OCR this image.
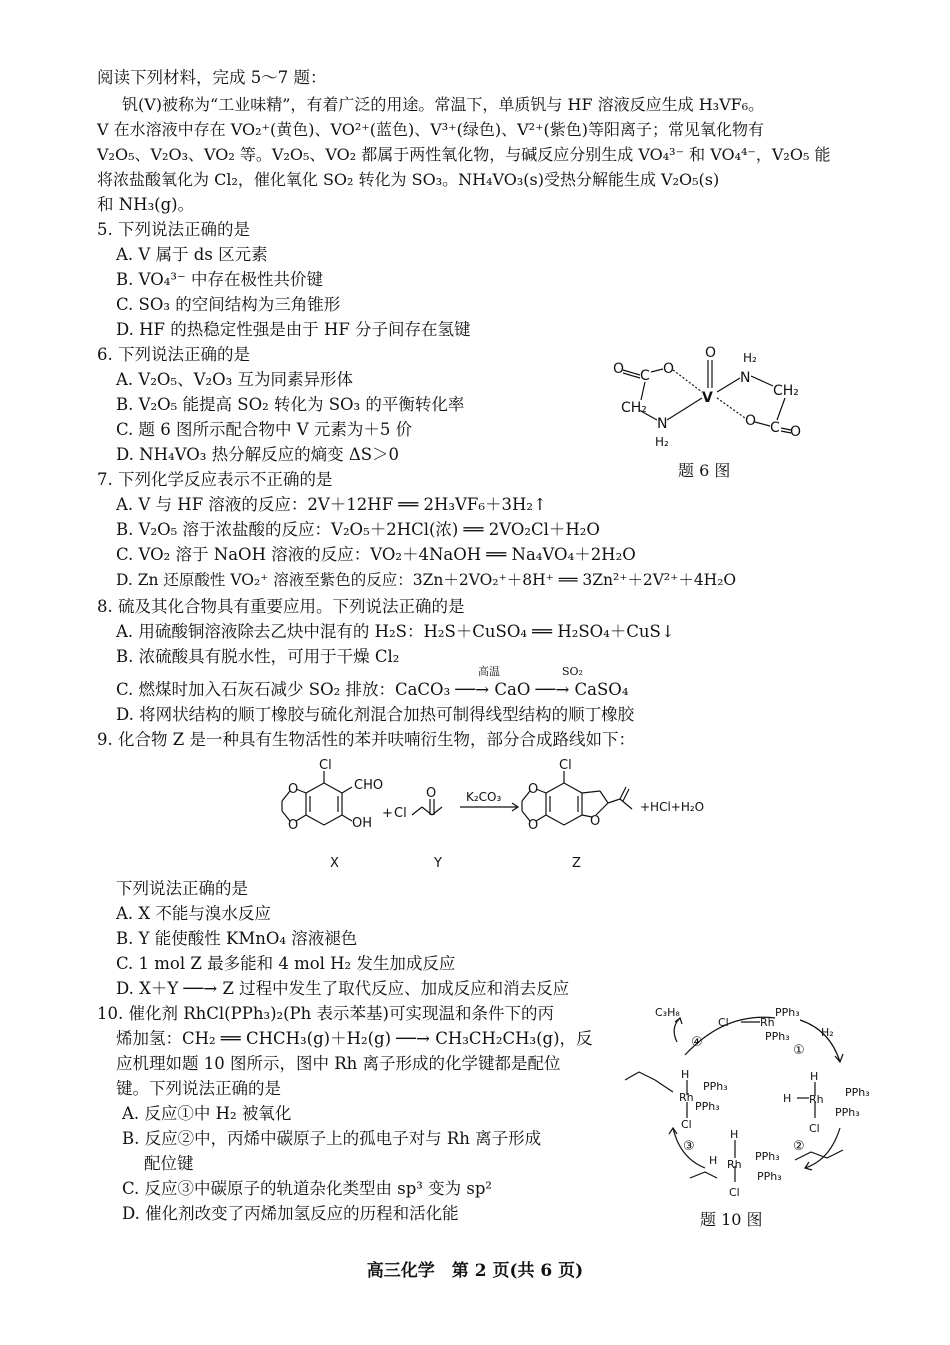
阅读下列材料，完成 5～7 题：
钒(V)被称为“工业味精”，有着广泛的用途。常温下，单质钒与 HF 溶液反应生成 H₃VF₆。
V 在水溶液中存在 VO₂⁺(黄色)、VO²⁺(蓝色)、V³⁺(绿色)、V²⁺(紫色)等阳离子；常见氧化物有
V₂O₅、V₂O₃、VO₂ 等。V₂O₅、VO₂ 都属于两性氧化物，与碱反应分别生成 VO₄³⁻ 和 VO₄⁴⁻，V₂O₅ 能
将浓盐酸氧化为 Cl₂，催化氧化 SO₂ 转化为 SO₃。NH₄VO₃(s)受热分解能生成 V₂O₅(s)
和 NH₃(g)。
5. 下列说法正确的是
A. V 属于 ds 区元素
B. VO₄³⁻ 中存在极性共价键
C. SO₃ 的空间结构为三角锥形
D. HF 的热稳定性强是由于 HF 分子间存在氢键
6. 下列说法正确的是
A. V₂O₅、V₂O₃ 互为同素异形体
B. V₂O₅ 能提高 SO₂ 转化为 SO₃ 的平衡转化率
C. 题 6 图所示配合物中 V 元素为＋5 价
D. NH₄VO₃ 热分解反应的熵变 ΔS＞0
O C O
O
V
N
H₂
CH₂
CH₂
N
H₂
O C O
题 6 图
7. 下列化学反应表示不正确的是
A. V 与 HF 溶液的反应：2V＋12HF ══ 2H₃VF₆＋3H₂↑
B. V₂O₅ 溶于浓盐酸的反应：V₂O₅＋2HCl(浓) ══ 2VO₂Cl＋H₂O
C. VO₂ 溶于 NaOH 溶液的反应：VO₂＋4NaOH ══ Na₄VO₄＋2H₂O
D. Zn 还原酸性 VO₂⁺ 溶液至紫色的反应：3Zn＋2VO₂⁺＋8H⁺ ══ 3Zn²⁺＋2V²⁺＋4H₂O
8. 硫及其化合物具有重要应用。下列说法正确的是
A. 用硫酸铜溶液除去乙炔中混有的 H₂S：H₂S＋CuSO₄ ══ H₂SO₄＋CuS↓
B. 浓硫酸具有脱水性，可用于干燥 Cl₂
C. 燃煤时加入石灰石减少 SO₂ 排放：CaCO₃ ──→ CaO ──→ CaSO₄
高温	SO₂
D. 将网状结构的顺丁橡胶与硫化剂混合加热可制得线型结构的顺丁橡胶
9. 化合物 Z 是一种具有生物活性的苯并呋喃衍生物，部分合成路线如下：
Cl
CHO
OH
O
O
+ Cl
O K₂CO₃
Cl
O
O
O
+HCl+H₂O
X	Y	Z
下列说法正确的是
A. X 不能与溴水反应
B. Y 能使酸性 KMnO₄ 溶液褪色
C. 1 mol Z 最多能和 4 mol H₂ 发生加成反应
D. X＋Y ──→ Z 过程中发生了取代反应、加成反应和消去反应
10. 催化剂 RhCl(PPh₃)₂(Ph 表示苯基)可实现温和条件下的丙
烯加氢：CH₂ ══ CHCH₃(g)＋H₂(g) ──→ CH₃CH₂CH₃(g)，反
应机理如题 10 图所示，图中 Rh 离子形成的化学键都是配位
键。下列说法正确的是
A. 反应①中 H₂ 被氧化
B. 反应②中，丙烯中碳原子上的孤电子对与 Rh 离子形成
配位键
C. 反应③中碳原子的轨道杂化类型由 sp³ 变为 sp²
D. 催化剂改变了丙烯加氢反应的历程和活化能
C₃H₈
Cl	Rh
PPh₃
PPh₃	H₂
④
①
②
③
H
Rh
PPh₃
PPh₃
Cl
H
H Rh
PPh₃
PPh₃
Cl
H
H Rh
PPh₃
PPh₃
Cl
题 10 图
高三化学　第 2 页(共 6 页)
